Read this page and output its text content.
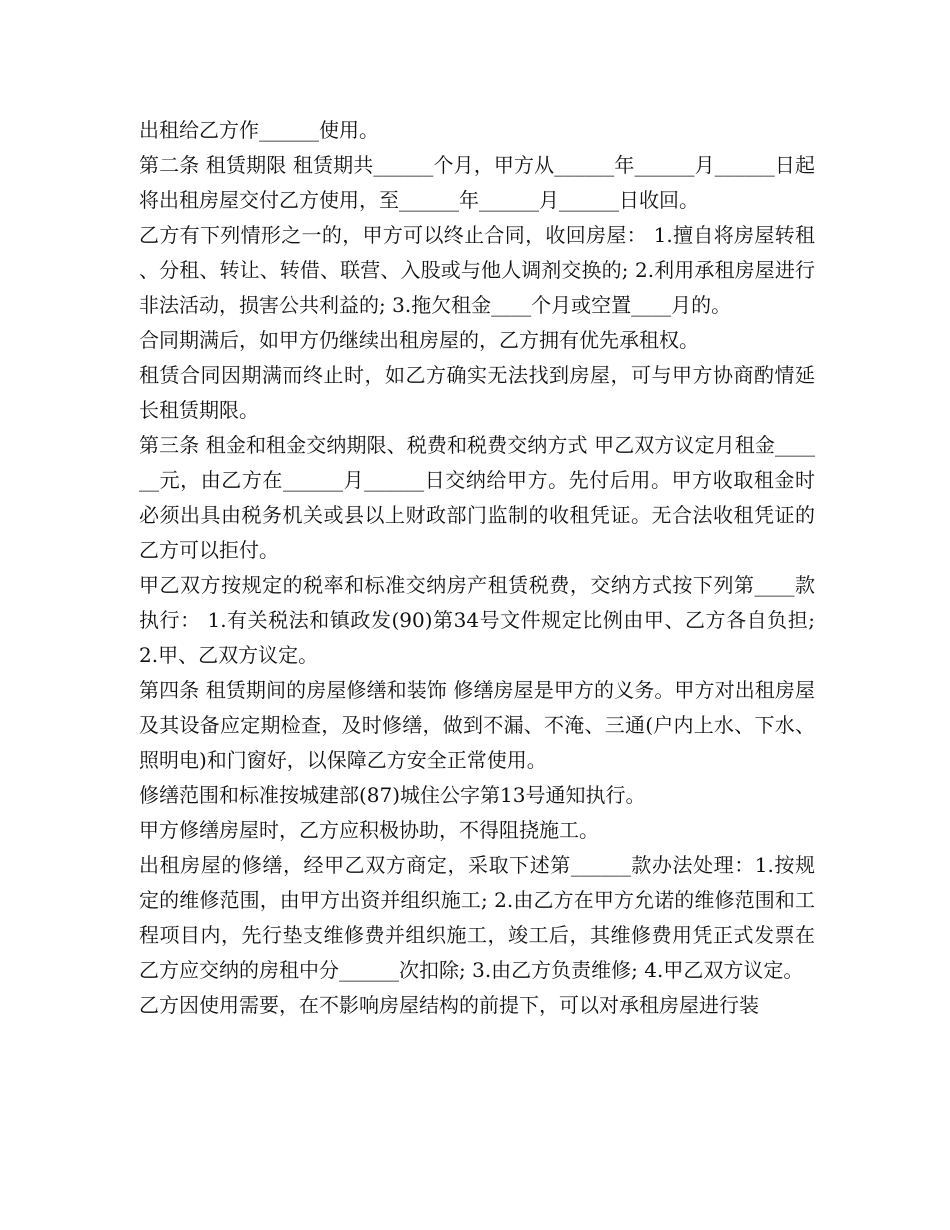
出租给乙方作______使用。

第二条 租赁期限 租赁期共______个月，甲方从______年______月______日起将出租房屋交付乙方使用，至______年______月______日收回。

乙方有下列情形之一的，甲方可以终止合同，收回房屋： 1.擅自将房屋转租、分租、转让、转借、联营、入股或与他人调剂交换的; 2.利用承租房屋进行非法活动，损害公共利益的; 3.拖欠租金____个月或空置____月的。

合同期满后，如甲方仍继续出租房屋的，乙方拥有优先承租权。

租赁合同因期满而终止时，如乙方确实无法找到房屋，可与甲方协商酌情延长租赁期限。

第三条 租金和租金交纳期限、税费和税费交纳方式 甲乙双方议定月租金______元，由乙方在______月______日交纳给甲方。先付后用。甲方收取租金时必须出具由税务机关或县以上财政部门监制的收租凭证。无合法收租凭证的乙方可以拒付。

甲乙双方按规定的税率和标准交纳房产租赁税费，交纳方式按下列第____款执行： 1.有关税法和镇政发(90)第34号文件规定比例由甲、乙方各自负担; 2.甲、乙双方议定。

第四条 租赁期间的房屋修缮和装饰 修缮房屋是甲方的义务。甲方对出租房屋及其设备应定期检查，及时修缮，做到不漏、不淹、三通(户内上水、下水、照明电)和门窗好，以保障乙方安全正常使用。

修缮范围和标准按城建部(87)城住公字第13号通知执行。

甲方修缮房屋时，乙方应积极协助，不得阻挠施工。

出租房屋的修缮，经甲乙双方商定，采取下述第______款办法处理：1.按规定的维修范围，由甲方出资并组织施工; 2.由乙方在甲方允诺的维修范围和工程项目内，先行垫支维修费并组织施工，竣工后，其维修费用凭正式发票在乙方应交纳的房租中分______次扣除; 3.由乙方负责维修; 4.甲乙双方议定。

乙方因使用需要，在不影响房屋结构的前提下，可以对承租房屋进行装
